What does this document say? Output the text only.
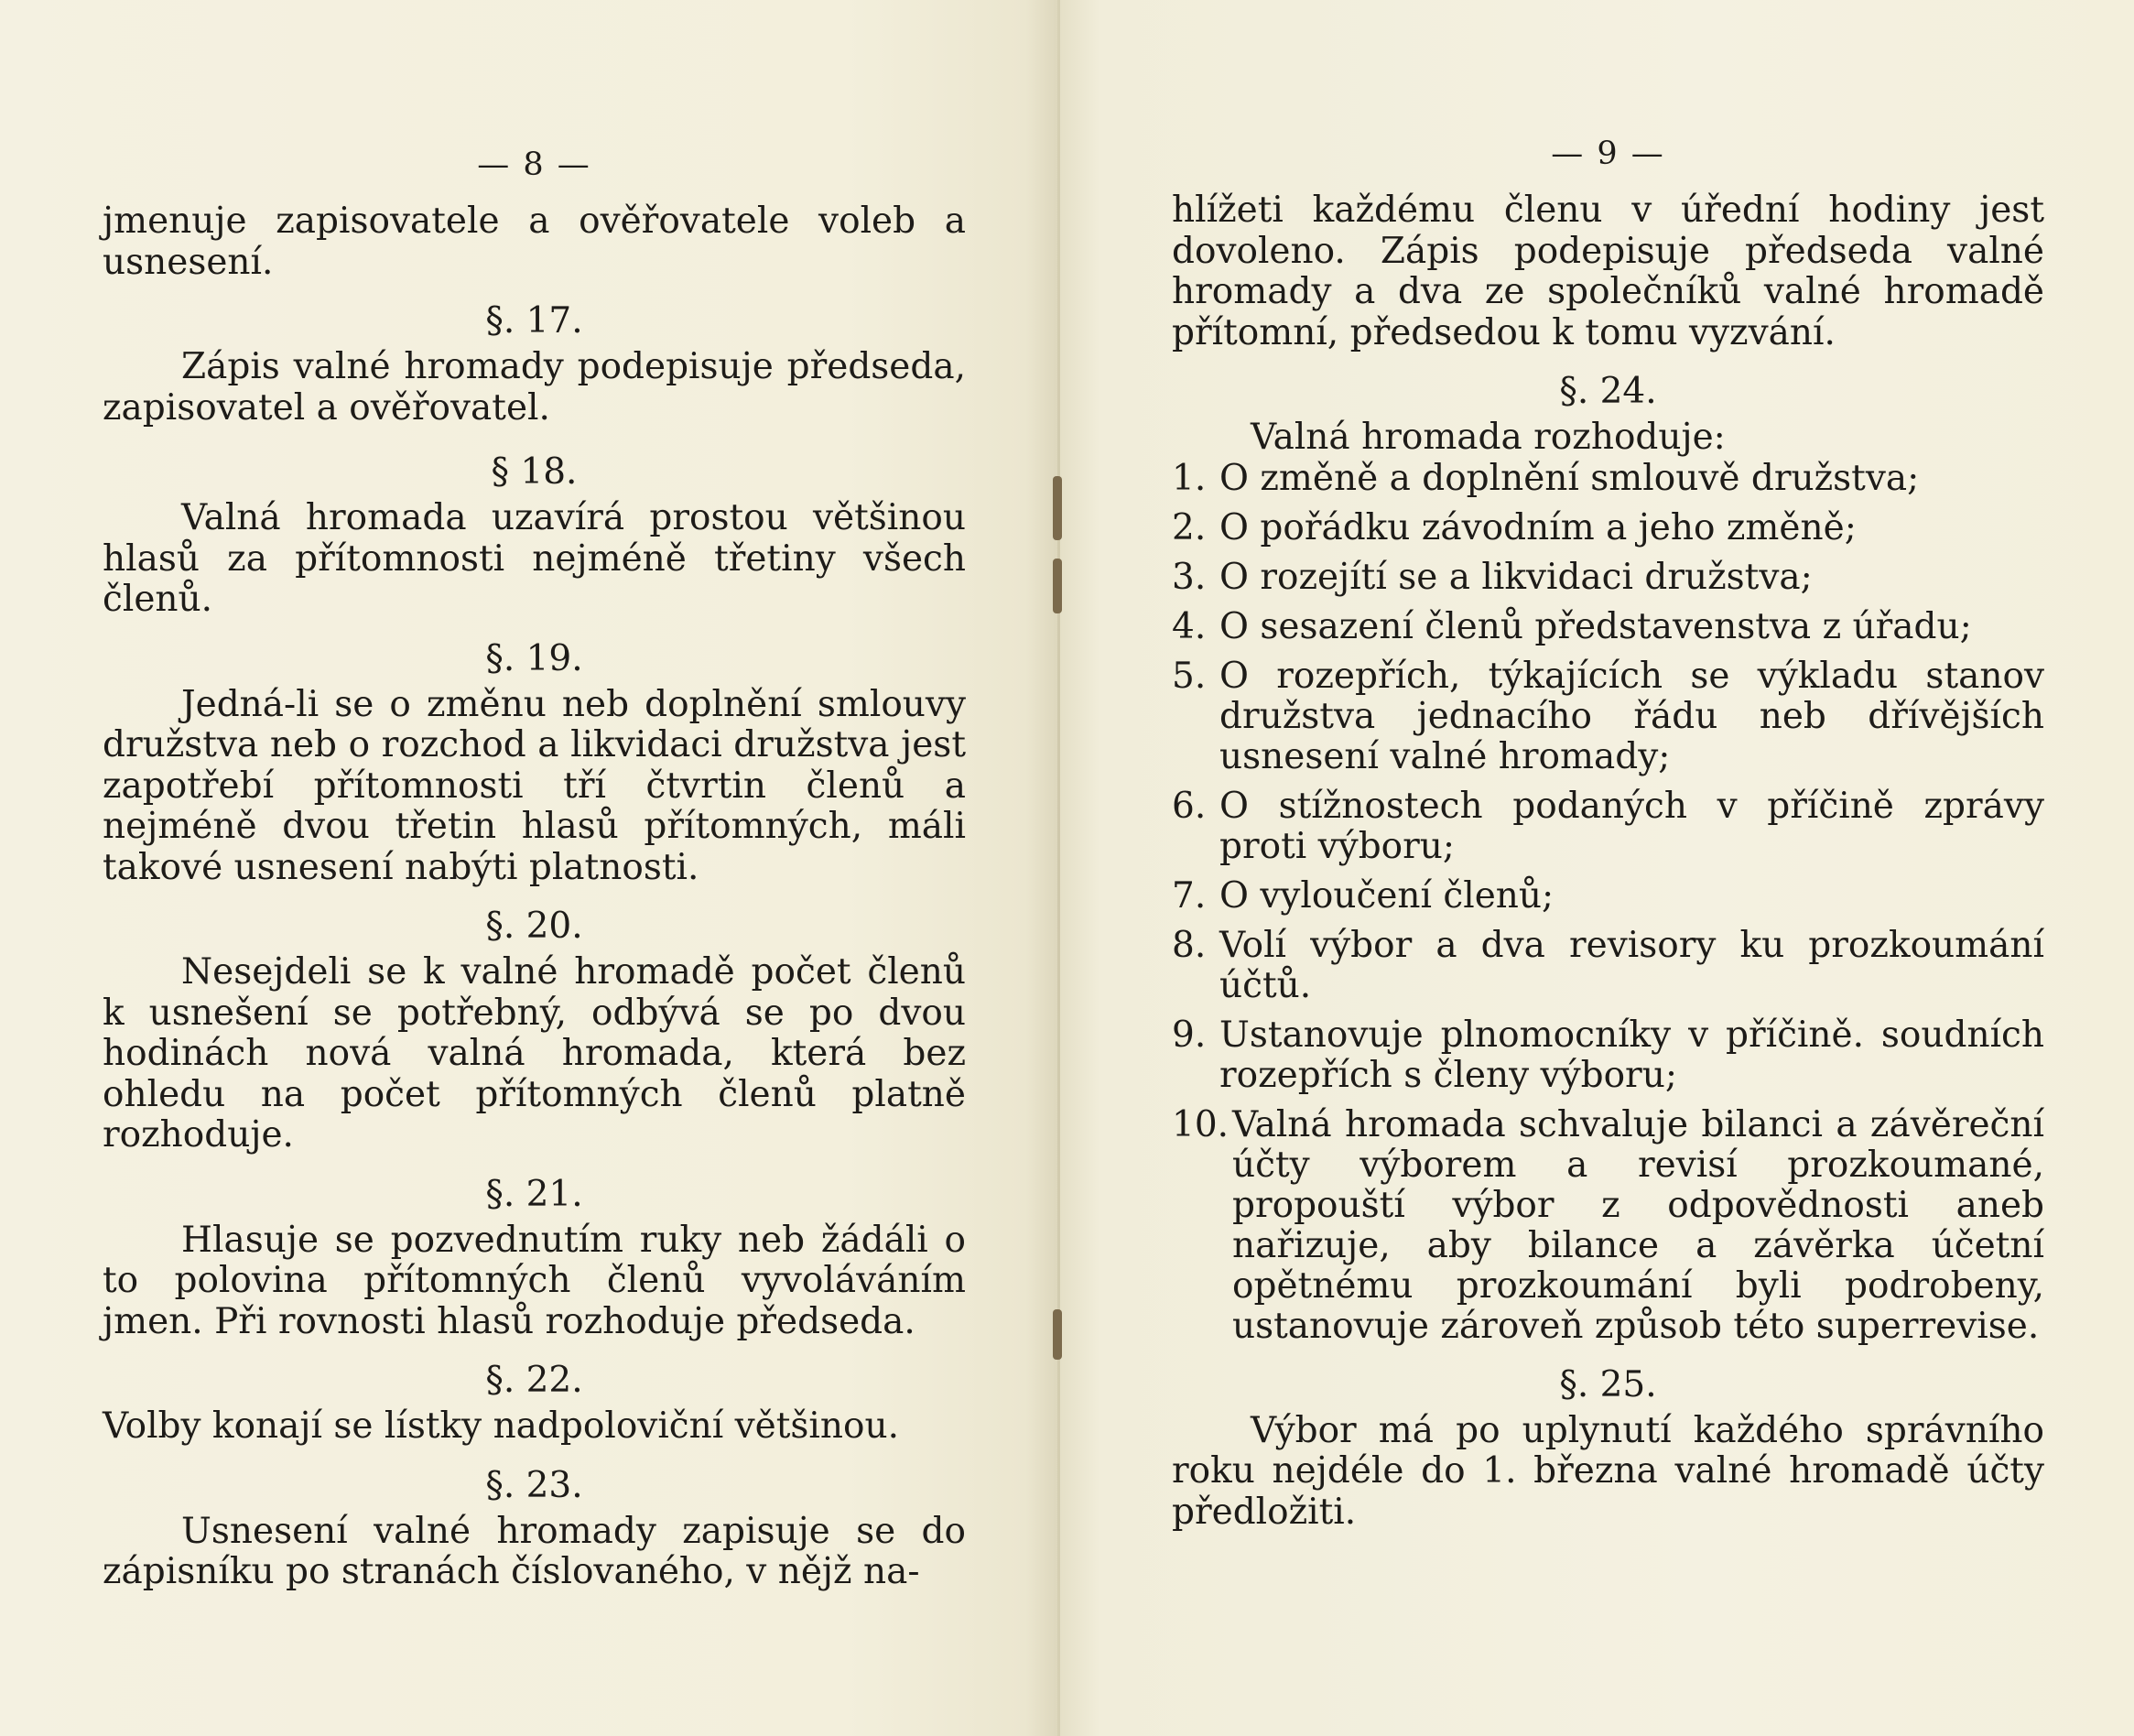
— 8 —

jmenuje zapisovatele a ověřovatele voleb a usnesení.

§. 17.

Zápis valné hromady podepisuje předseda, zapisovatel a ověřovatel.

§ 18.

Valná hromada uzavírá prostou většinou hlasů za přítomnosti nejméně třetiny všech členů.

§. 19.

Jedná-li se o změnu neb doplnění smlouvy družstva neb o rozchod a likvidaci družstva jest zapotřebí přítomnosti tří čtvrtin členů a nejméně dvou třetin hlasů přítomných, máli takové usnesení nabýti platnosti.

§. 20.

Nesejdeli se k valné hromadě počet členů k usnešení se potřebný, odbývá se po dvou hodinách nová valná hromada, která bez ohledu na počet přítomných členů platně rozhoduje.

§. 21.

Hlasuje se pozvednutím ruky neb žádáli o to polovina přítomných členů vyvoláváním jmen. Při rovnosti hlasů rozhoduje předseda.

§. 22.

Volby konají se lístky nadpoloviční většinou.

§. 23.

Usnesení valné hromady zapisuje se do zápisníku po stranách číslovaného, v nějž na-

— 9 —

hlížeti každému členu v úřední hodiny jest dovoleno. Zápis podepisuje předseda valné hromady a dva ze společníků valné hromadě přítomní, předsedou k tomu vyzvání.

§. 24.

Valná hromada rozhoduje:

1. O změně a doplnění smlouvě družstva;
2. O pořádku závodním a jeho změně;
3. O rozejítí se a likvidaci družstva;
4. O sesazení členů představenstva z úřadu;
5. O rozepřích, týkajících se výkladu stanov družstva jednacího řádu neb dřívějších usnesení valné hromady;
6. O stížnostech podaných v příčině zprávy proti výboru;
7. O vyloučení členů;
8. Volí výbor a dva revisory ku prozkoumání účtů.
9. Ustanovuje plnomocníky v příčině. soudních rozepřích s členy výboru;
10. Valná hromada schvaluje bilanci a závěreční účty výborem a revisí prozkoumané, propouští výbor z odpovědnosti aneb nařizuje, aby bilance a závěrka účetní opětnému prozkoumání byli podrobeny, ustanovuje zároveň způsob této superrevise.
§. 25.

Výbor má po uplynutí každého správního roku nejdéle do 1. března valné hromadě účty předložiti.
